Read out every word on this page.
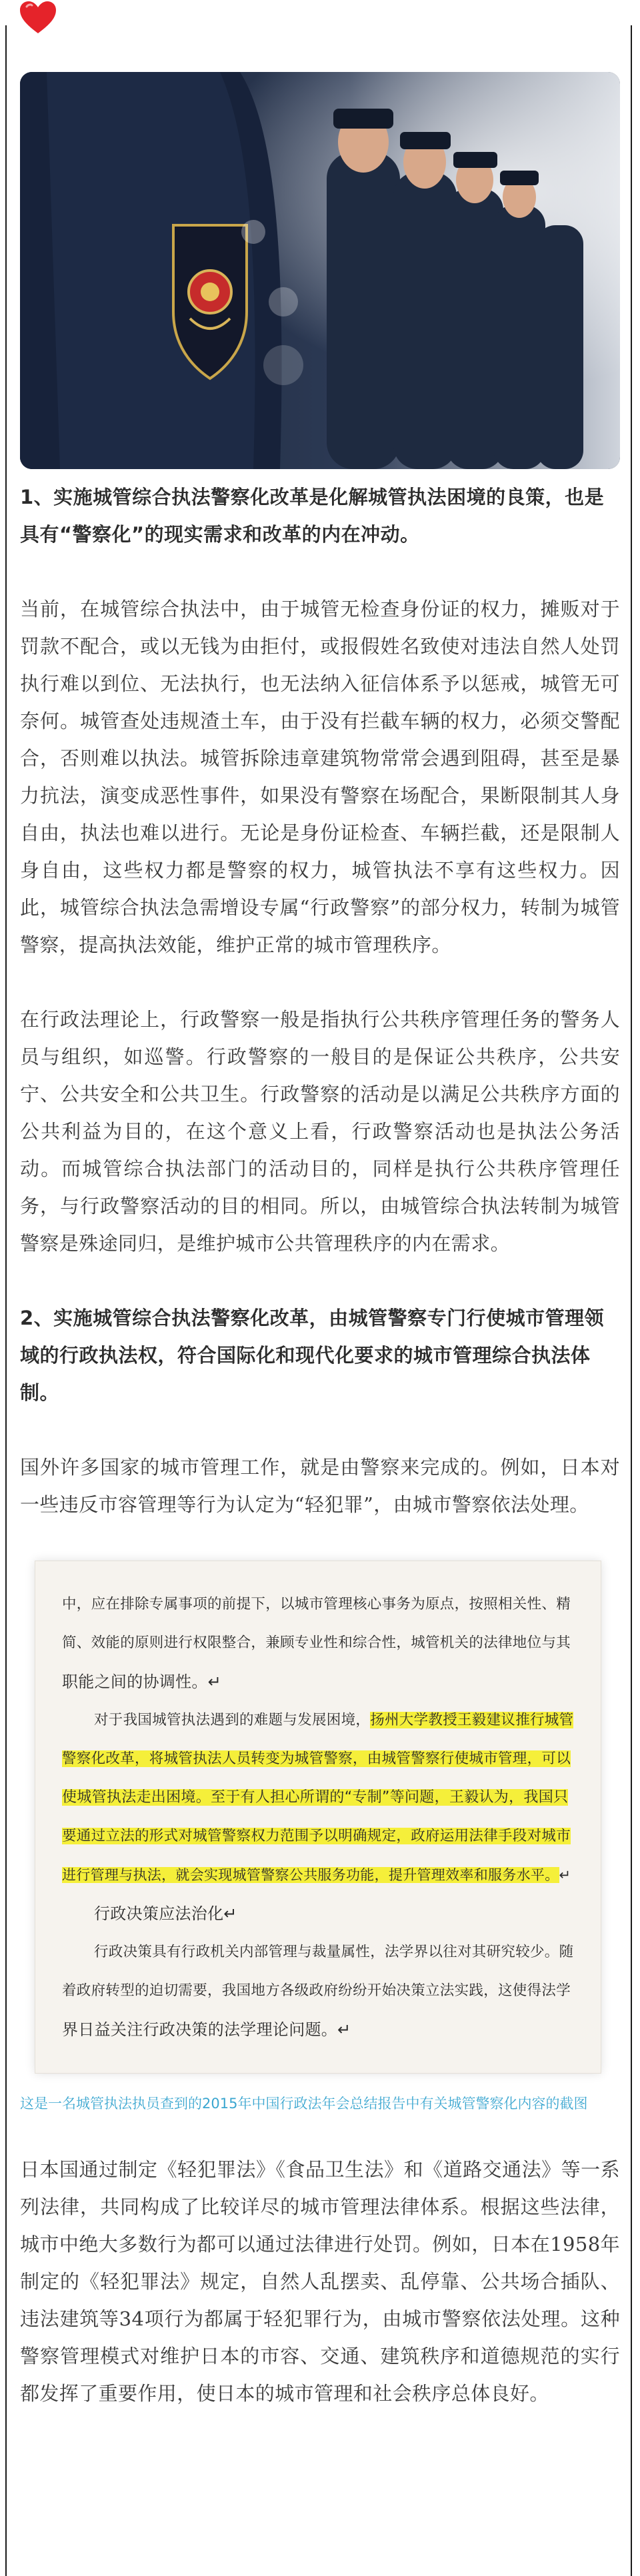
1、实施城管综合执法警察化改革是化解城管执法困境的良策，也是具有“警察化”的现实需求和改革的内在冲动。

当前，在城管综合执法中，由于城管无检查身份证的权力，摊贩对于罚款不配合，或以无钱为由拒付，或报假姓名致使对违法自然人处罚执行难以到位、无法执行，也无法纳入征信体系予以惩戒，城管无可奈何。城管查处违规渣土车，由于没有拦截车辆的权力，必须交警配合，否则难以执法。城管拆除违章建筑物常常会遇到阻碍，甚至是暴力抗法，演变成恶性事件，如果没有警察在场配合，果断限制其人身自由，执法也难以进行。无论是身份证检查、车辆拦截，还是限制人身自由，这些权力都是警察的权力，城管执法不享有这些权力。因此，城管综合执法急需增设专属“行政警察”的部分权力，转制为城管警察，提高执法效能，维护正常的城市管理秩序。

在行政法理论上，行政警察一般是指执行公共秩序管理任务的警务人员与组织，如巡警。行政警察的一般目的是保证公共秩序，公共安宁、公共安全和公共卫生。行政警察的活动是以满足公共秩序方面的公共利益为目的，在这个意义上看，行政警察活动也是执法公务活动。而城管综合执法部门的活动目的，同样是执行公共秩序管理任务，与行政警察活动的目的相同。所以，由城管综合执法转制为城管警察是殊途同归，是维护城市公共管理秩序的内在需求。

2、实施城管综合执法警察化改革，由城管警察专门行使城市管理领域的行政执法权，符合国际化和现代化要求的城市管理综合执法体制。

国外许多国家的城市管理工作，就是由警察来完成的。例如，日本对一些违反市容管理等行为认定为“轻犯罪”，由城市警察依法处理。

中，应在排除专属事项的前提下，以城市管理核心事务为原点，按照相关性、精
简、效能的原则进行权限整合，兼顾专业性和综合性，城管机关的法律地位与其
职能之间的协调性。↵
对于我国城管执法遇到的难题与发展困境，扬州大学教授王毅建议推行城管
警察化改革，将城管执法人员转变为城管警察，由城管警察行使城市管理，可以
使城管执法走出困境。至于有人担心所谓的“专制”等问题，王毅认为，我国只
要通过立法的形式对城管警察权力范围予以明确规定，政府运用法律手段对城市
进行管理与执法，就会实现城管警察公共服务功能，提升管理效率和服务水平。↵
行政决策应法治化↵
行政决策具有行政机关内部管理与裁量属性，法学界以往对其研究较少。随
着政府转型的迫切需要，我国地方各级政府纷纷开始决策立法实践，这使得法学
界日益关注行政决策的法学理论问题。↵

这是一名城管执法执员查到的2015年中国行政法年会总结报告中有关城管警察化内容的截图

日本国通过制定《轻犯罪法》《食品卫生法》和《道路交通法》等一系列法律，共同构成了比较详尽的城市管理法律体系。根据这些法律，城市中绝大多数行为都可以通过法律进行处罚。例如，日本在1958年制定的《轻犯罪法》规定，自然人乱摆卖、乱停靠、公共场合插队、违法建筑等34项行为都属于轻犯罪行为，由城市警察依法处理。这种警察管理模式对维护日本的市容、交通、建筑秩序和道德规范的实行都发挥了重要作用，使日本的城市管理和社会秩序总体良好。
